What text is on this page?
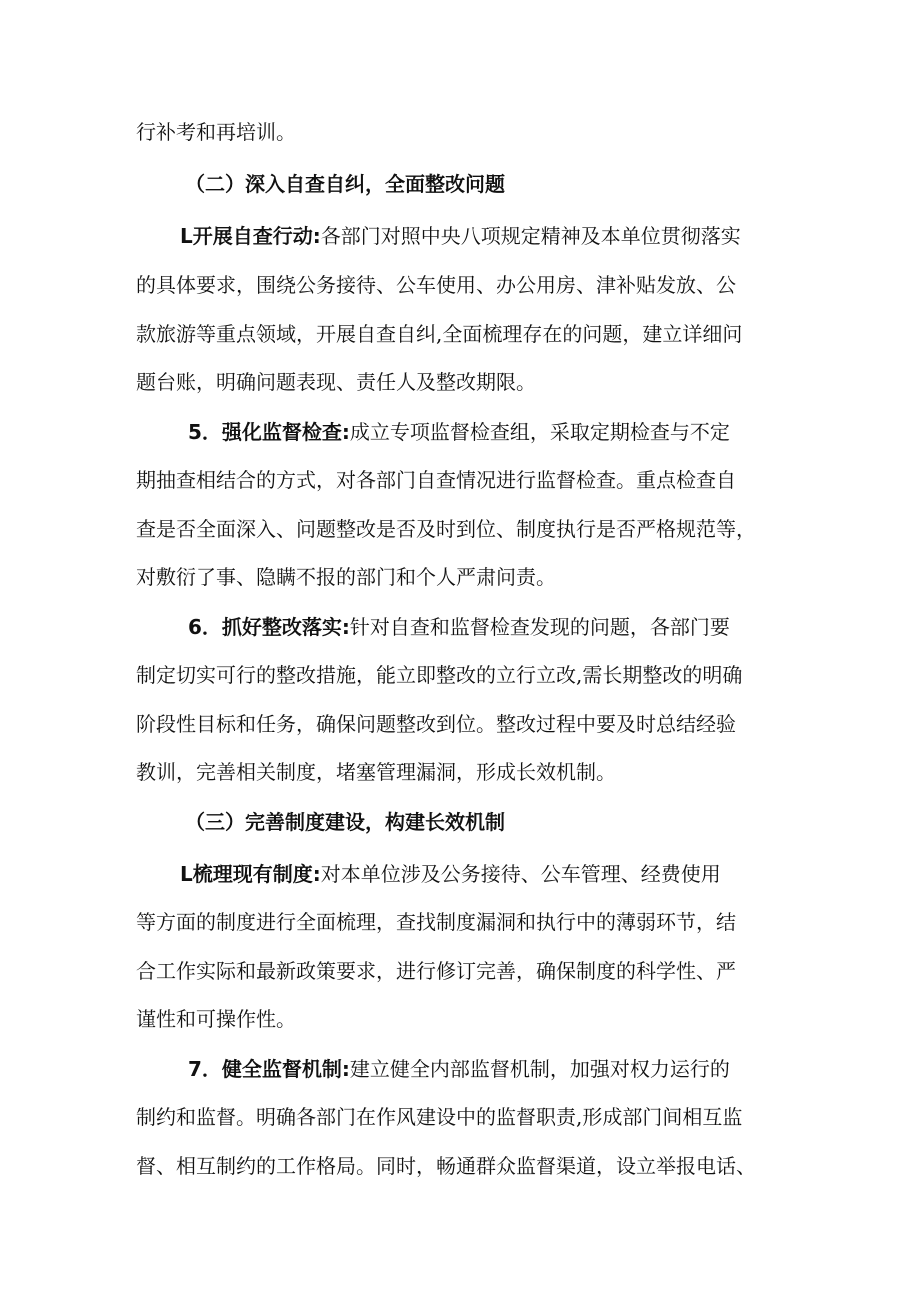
行补考和再培训。
（二）深入自查自纠，全面整改问题
L开展自查行动:各部门对照中央八项规定精神及本单位贯彻落实
的具体要求，围绕公务接待、公车使用、办公用房、津补贴发放、公
款旅游等重点领域，开展自查自纠,全面梳理存在的问题，建立详细问
题台账，明确问题表现、责任人及整改期限。
5．强化监督检查:成立专项监督检查组，采取定期检查与不定
期抽查相结合的方式，对各部门自查情况进行监督检查。重点检查自
查是否全面深入、问题整改是否及时到位、制度执行是否严格规范等，
对敷衍了事、隐瞒不报的部门和个人严肃问责。
6．抓好整改落实:针对自查和监督检查发现的问题，各部门要
制定切实可行的整改措施，能立即整改的立行立改,需长期整改的明确
阶段性目标和任务，确保问题整改到位。整改过程中要及时总结经验
教训，完善相关制度，堵塞管理漏洞，形成长效机制。
（三）完善制度建设，构建长效机制
L梳理现有制度:对本单位涉及公务接待、公车管理、经费使用
等方面的制度进行全面梳理，查找制度漏洞和执行中的薄弱环节，结
合工作实际和最新政策要求，进行修订完善，确保制度的科学性、严
谨性和可操作性。
7．健全监督机制:建立健全内部监督机制，加强对权力运行的
制约和监督。明确各部门在作风建设中的监督职责,形成部门间相互监
督、相互制约的工作格局。同时，畅通群众监督渠道，设立举报电话、
